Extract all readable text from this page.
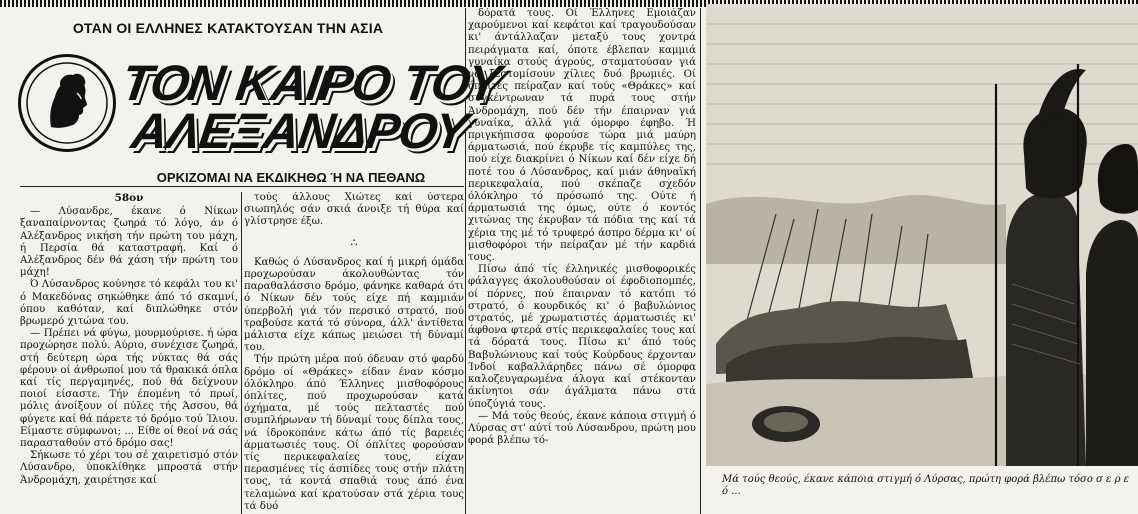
ΟΤΑΝ ΟΙ ΕΛΛΗΝΕΣ ΚΑΤΑΚΤΟΥΣΑΝ ΤΗΝ ΑΣΙΑ
ΤΟΝ ΚΑΙΡΟ ΤΟΥ
ΑΛΕΞΑΝΔΡΟΥ
ΟΡΚΙΖΟΜΑΙ ΝΑ ΕΚΔΙΚΗΘΩ Ή ΝΑ ΠΕΘΑΝΩ

58ον

— Λύσανδρε, έκανε ό Νίκων ξαναπαίρνοντας ζωηρά τό λόγο, άν ό Αλέξανδρος νικήση τήν πρώτη του μάχη, ή Περσία θά καταστραφή. Καί ό Αλέξανδρος δέν θά χάση τήν πρώτη του μάχη!

Ό Λύσανδρος κούνησε τό κεφάλι του κι' ό Μακεδόνας σηκώθηκε άπό τό σκαμνί, όπου καθόταν, καί διπλώθηκε στόν βρωμερό χιτώνα του.

— Πρέπει νά φύγω, μουρμούρισε. ή ώρα προχώρησε πολύ. Αύριο, συνέχισε ζωηρά, στή δεύτερη ώρα τής νύκτας θά σάς φέρουν οί άνθρωποί μου τά θρακικά όπλα καί τίς περγαμηνές, πού θά δείχνουν ποιοί είσαστε. Τήν έπομένη τό πρωί, μόλις άνοίξουν οί πύλες τής Άσσου, θά φύγετε καί θά πάρετε τό δρόμο τού Ίλιου. Είμαστε σύμφωνοι; ... Είθε οί θεοί νά σάς παρασταθούν στό δρόμο σας!

Σήκωσε τό χέρι του σέ χαιρετισμό στόν Λύσανδρο, ύποκλίθηκε μπροστά στήν Άνδρομάχη, χαιρέτησε καί

τούς άλλους Χιώτες καί ύστερα σιωπηλός σάν σκιά άνοιξε τή θύρα καί γλίστρησε έξω.

∴

Καθώς ό Λύσανδρος καί ή μικρή όμάδα προχωρούσαν άκολουθώντας τόν παραθαλάσσιο δρόμο, φάνηκε καθαρά ότι ό Νίκων δέν τούς είχε πή καμμιάν ύπερβολή γιά τόν περσικό στρατό, πού τραβούσε κατά τό σύνορα, άλλ' άντίθετα μάλιστα είχε κάπως μειώσει τή δύναμί του.

Τήν πρώτη μέρα πού όδευαν στό φαρδύ δρόμο οί «Θράκες» είδαν έναν κόσμο όλόκληρο άπό Έλληνες μισθοφόρους όπλίτες, πού προχωρούσαν κατά όχήματα, μέ τούς πελταστές πού συμπλήρωναν τή δύναμί τους δίπλα τους, νά ίδροκοπάνε κάτω άπό τίς βαρειές άρματωσιές τους. Οί όπλίτες φορούσαν τίς περικεφαλαίες τους, είχαν περασμένες τίς άσπίδες τους στήν πλάτη τους, τά κοντά σπαθιά τους άπό ένα τελαμώνα καί κρατούσαν στά χέρια τους τά δυό

δόρατά τους. Οί Έλληνες Εμοιάζαν χαρούμενοι καί κεφάτοι καί τραγουδούσαν κι' άντάλλαζαν μεταξύ τους χοντρά πειράγματα καί, όποτε έβλεπαν καμμιά γυναίκα στούς άγρούς, σταματούσαν γιά νά ξεστομίσουν χίλιες δυό βρωμιές. Οί όπλίτες πείραζαν καί τούς «Θράκες» καί συγκέντρωναν τά πυρά τους στήν Άνδρομάχη, πού δέν τήν έπαιρναν γιά γυναίκα, άλλά γιά όμορφο έφηβο. Ή πριγκήπισσα φορούσε τώρα μιά μαύρη άρματωσιά, πού έκρυβε τίς καμπύλες της, πού είχε διακρίνει ό Νίκων καί δέν είχε δή ποτέ του ό Λύσανδρος, καί μιάν άθηναϊκή περικεφαλαία, πού σκέπαζε σχεδόν όλόκληρο τό πρόσωπό της. Ούτε ή άρματωσιά της όμως, ούτε ό κοντός χιτώνας της έκρυβαν τά πόδια της καί τά χέρια της μέ τό τρυφερό άσπρο δέρμα κι' οί μισθοφόροι τήν πείραζαν μέ τήν καρδιά τους.

Πίσω άπό τίς έλληνικές μισθοφορικές φάλαγγες άκολουθούσαν οί έφοδιοπομπές, οί πόρνες, πού έπαιρναν τό κατόπι τό στρατό, ό κουρδικός κι' ό βαβυλώνιος στρατός, μέ χρωματιστές άρματωσιές κι' άφθονα φτερά στίς περικεφαλαίες τους καί τά δόρατά τους. Πίσω κι' άπό τούς Βαβυλώνιους καί τούς Κούρδους έρχονταν Ίνδοί καβαλλάρηδες πάνω σέ όμορφα καλοζευγαρωμένα άλογα καί στέκονταν άκίνητοι σάν άγάλματα πάνω στά ύποζύγιά τους.

— Μά τούς θεούς, έκανε κάποια στιγμή ό Λύρσας στ' αύτί τού Λύσανδρου, πρώτη μου φορά βλέπω τό-

Μά τούς θεούς, έκανε κάποια στιγμή ό Λύρσας, πρώτη φορά βλέπω τόσο σ ε ρ ε ό ...
